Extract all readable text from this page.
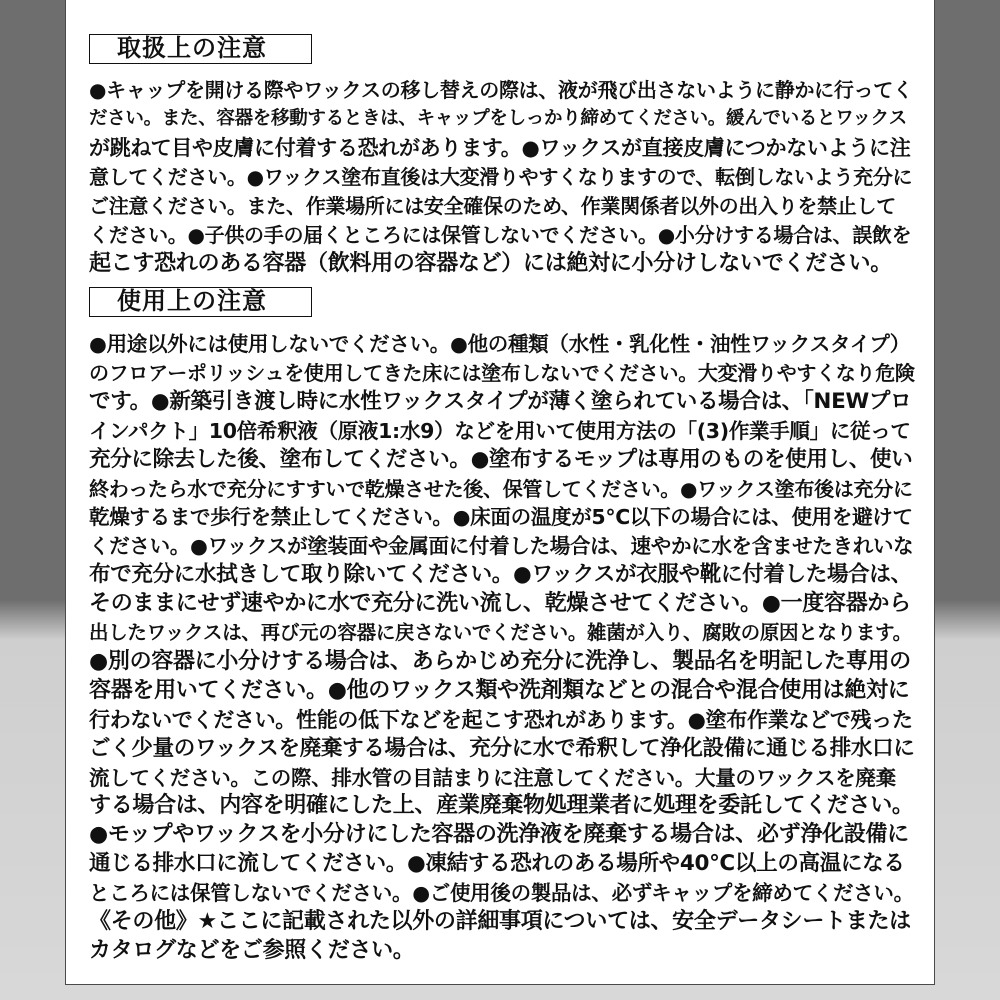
取扱上の注意
●キャップを開ける際やワックスの移し替えの際は、液が飛び出さないように静かに行ってく
ださい。また、容器を移動するときは、キャップをしっかり締めてください。緩んでいるとワックス
が跳ねて目や皮膚に付着する恐れがあります。●ワックスが直接皮膚につかないように注
意してください。●ワックス塗布直後は大変滑りやすくなりますので、転倒しないよう充分に
ご注意ください。また、作業場所には安全確保のため、作業関係者以外の出入りを禁止して
ください。●子供の手の届くところには保管しないでください。●小分けする場合は、誤飲を
起こす恐れのある容器（飲料用の容器など）には絶対に小分けしないでください。
使用上の注意
●用途以外には使用しないでください。●他の種類（水性・乳化性・油性ワックスタイプ）
のフロアーポリッシュを使用してきた床には塗布しないでください。大変滑りやすくなり危険
です。●新築引き渡し時に水性ワックスタイプが薄く塗られている場合は、「NEWプロ
インパクト」10倍希釈液（原液1:水9）などを用いて使用方法の「(3)作業手順」に従って
充分に除去した後、塗布してください。●塗布するモップは専用のものを使用し、使い
終わったら水で充分にすすいで乾燥させた後、保管してください。●ワックス塗布後は充分に
乾燥するまで歩行を禁止してください。●床面の温度が5℃以下の場合には、使用を避けて
ください。●ワックスが塗装面や金属面に付着した場合は、速やかに水を含ませたきれいな
布で充分に水拭きして取り除いてください。●ワックスが衣服や靴に付着した場合は、
そのままにせず速やかに水で充分に洗い流し、乾燥させてください。●一度容器から
出したワックスは、再び元の容器に戻さないでください。雑菌が入り、腐敗の原因となります。
●別の容器に小分けする場合は、あらかじめ充分に洗浄し、製品名を明記した専用の
容器を用いてください。●他のワックス類や洗剤類などとの混合や混合使用は絶対に
行わないでください。性能の低下などを起こす恐れがあります。●塗布作業などで残った
ごく少量のワックスを廃棄する場合は、充分に水で希釈して浄化設備に通じる排水口に
流してください。この際、排水管の目詰まりに注意してください。大量のワックスを廃棄
する場合は、内容を明確にした上、産業廃棄物処理業者に処理を委託してください。
●モップやワックスを小分けにした容器の洗浄液を廃棄する場合は、必ず浄化設備に
通じる排水口に流してください。●凍結する恐れのある場所や40℃以上の高温になる
ところには保管しないでください。●ご使用後の製品は、必ずキャップを締めてください。
《その他》★ここに記載された以外の詳細事項については、安全データシートまたは
カタログなどをご参照ください。
